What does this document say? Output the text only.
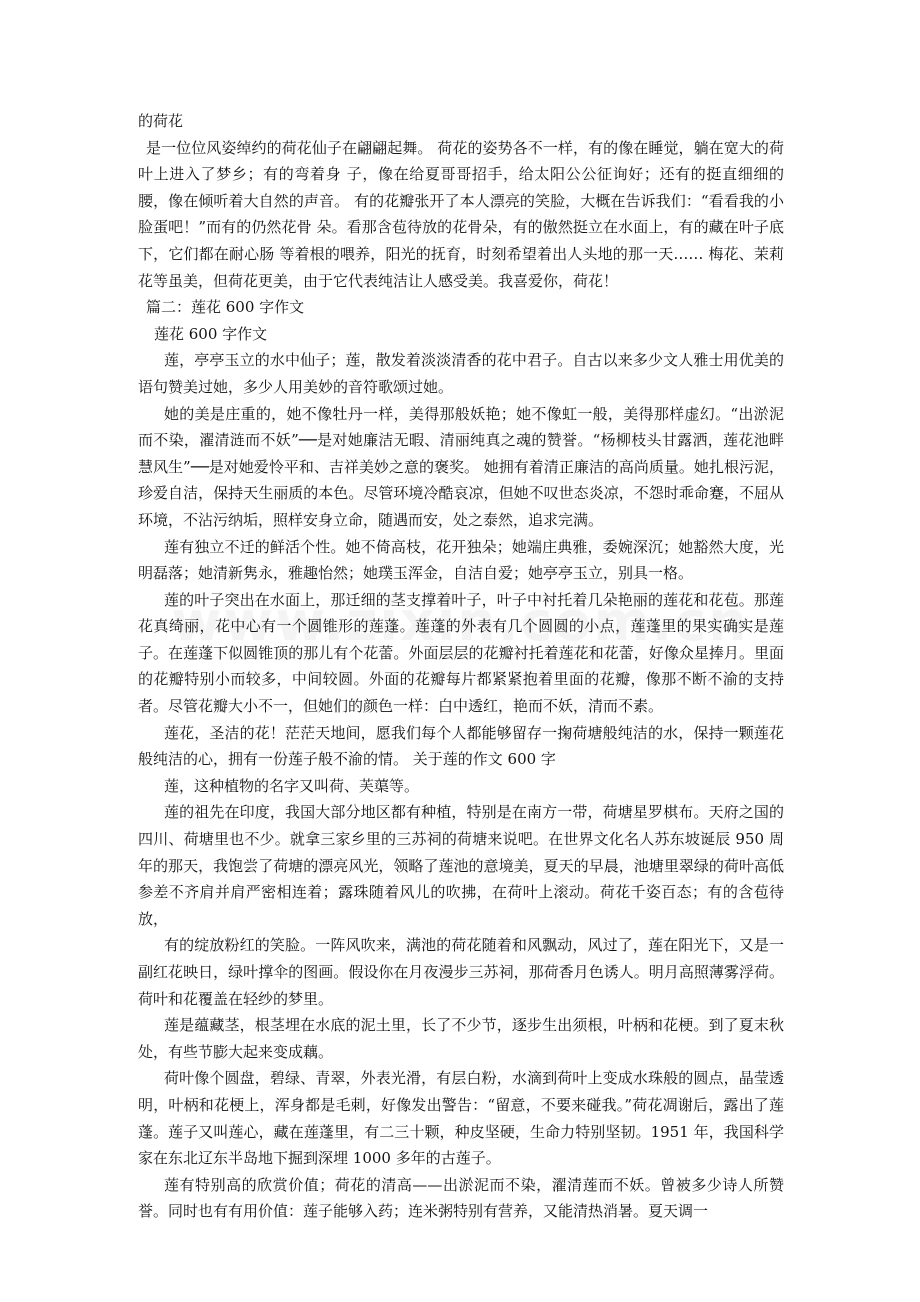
的荷花

是一位位风姿绰约的荷花仙子在翩翩起舞。 荷花的姿势各不一样，有的像在睡觉，躺在宽大的荷叶上进入了梦乡；有的弯着身 子，像在给夏哥哥招手，给太阳公公征询好；还有的挺直细细的腰，像在倾听着大自然的声音。 有的花瓣张开了本人漂亮的笑脸，大概在告诉我们：“看看我的小脸蛋吧！”而有的仍然花骨 朵。看那含苞待放的花骨朵，有的傲然挺立在水面上，有的藏在叶子底下，它们都在耐心肠 等着根的喂养，阳光的抚育，时刻希望着出人头地的那一天…… 梅花、茉莉花等虽美，但荷花更美，由于它代表纯洁让人感受美。我喜爱你，荷花！

篇二：莲花 600 字作文

莲花 600 字作文

莲，亭亭玉立的水中仙子；莲，散发着淡淡清香的花中君子。自古以来多少文人雅士用优美的语句赞美过她，多少人用美妙的音符歌颂过她。

她的美是庄重的，她不像牡丹一样，美得那般妖艳；她不像虹一般，美得那样虚幻。“出淤泥而不染，濯清涟而不妖”──是对她廉洁无暇、清丽纯真之魂的赞誉。“杨柳枝头甘露洒，莲花池畔慧风生”──是对她爱怜平和、吉祥美妙之意的褒奖。 她拥有着清正廉洁的高尚质量。她扎根污泥，珍爱自洁，保持天生丽质的本色。尽管环境冷酷哀凉，但她不叹世态炎凉，不怨时乖命蹇，不屈从环境，不沾污纳垢，照样安身立命，随遇而安，处之泰然，追求完满。

莲有独立不迁的鲜活个性。她不倚高枝，花开独朵；她端庄典雅，委婉深沉；她豁然大度，光明磊落；她清新隽永，雅趣怡然；她璞玉浑金，自洁自爱；她亭亭玉立，别具一格。

莲的叶子突出在水面上，那迁细的茎支撑着叶子，叶子中衬托着几朵艳丽的莲花和花苞。那莲花真绮丽，花中心有一个圆锥形的莲蓬。莲蓬的外表有几个圆圆的小点，莲蓬里的果实确实是莲子。在莲蓬下似圆锥顶的那儿有个花蕾。外面层层的花瓣衬托着莲花和花蕾，好像众星捧月。里面的花瓣特别小而较多，中间较圆。外面的花瓣每片都紧紧抱着里面的花瓣，像那不断不渝的支持者。尽管花瓣大小不一，但她们的颜色一样：白中透红，艳而不妖，清而不素。

莲花，圣洁的花！茫茫天地间，愿我们每个人都能够留存一掬荷塘般纯洁的水，保持一颗莲花般纯洁的心，拥有一份莲子般不渝的情。 关于莲的作文 600 字

莲，这种植物的名字又叫荷、芙蕖等。

莲的祖先在印度，我国大部分地区都有种植，特别是在南方一带，荷塘星罗棋布。天府之国的四川、荷塘里也不少。就拿三家乡里的三苏祠的荷塘来说吧。在世界文化名人苏东坡诞辰 950 周年的那天，我饱尝了荷塘的漂亮风光，领略了莲池的意境美，夏天的早晨，池塘里翠绿的荷叶高低参差不齐肩并肩严密相连着；露珠随着风儿的吹拂，在荷叶上滚动。荷花千姿百态；有的含苞待放，

有的绽放粉红的笑脸。一阵风吹来，满池的荷花随着和风飘动，风过了，莲在阳光下，又是一副红花映日，绿叶撑伞的图画。假设你在月夜漫步三苏祠，那荷香月色诱人。明月高照薄雾浮荷。荷叶和花覆盖在轻纱的梦里。

莲是蕴藏茎，根茎埋在水底的泥土里，长了不少节，逐步生出须根，叶柄和花梗。到了夏末秋处，有些节膨大起来变成藕。

荷叶像个圆盘，碧绿、青翠，外表光滑，有层白粉，水滴到荷叶上变成水珠般的圆点，晶莹透明，叶柄和花梗上，浑身都是毛刺，好像发出警告：“留意，不要来碰我。”荷花凋谢后，露出了莲蓬。莲子又叫莲心，藏在莲蓬里，有二三十颗，种皮坚硬，生命力特别坚韧。1951 年，我国科学家在东北辽东半岛地下掘到深埋 1000 多年的古莲子。

莲有特别高的欣赏价值；荷花的清高——出淤泥而不染，濯清莲而不妖。曾被多少诗人所赞誉。同时也有有用价值：莲子能够入药；连米粥特别有营养，又能清热消暑。夏天调一
